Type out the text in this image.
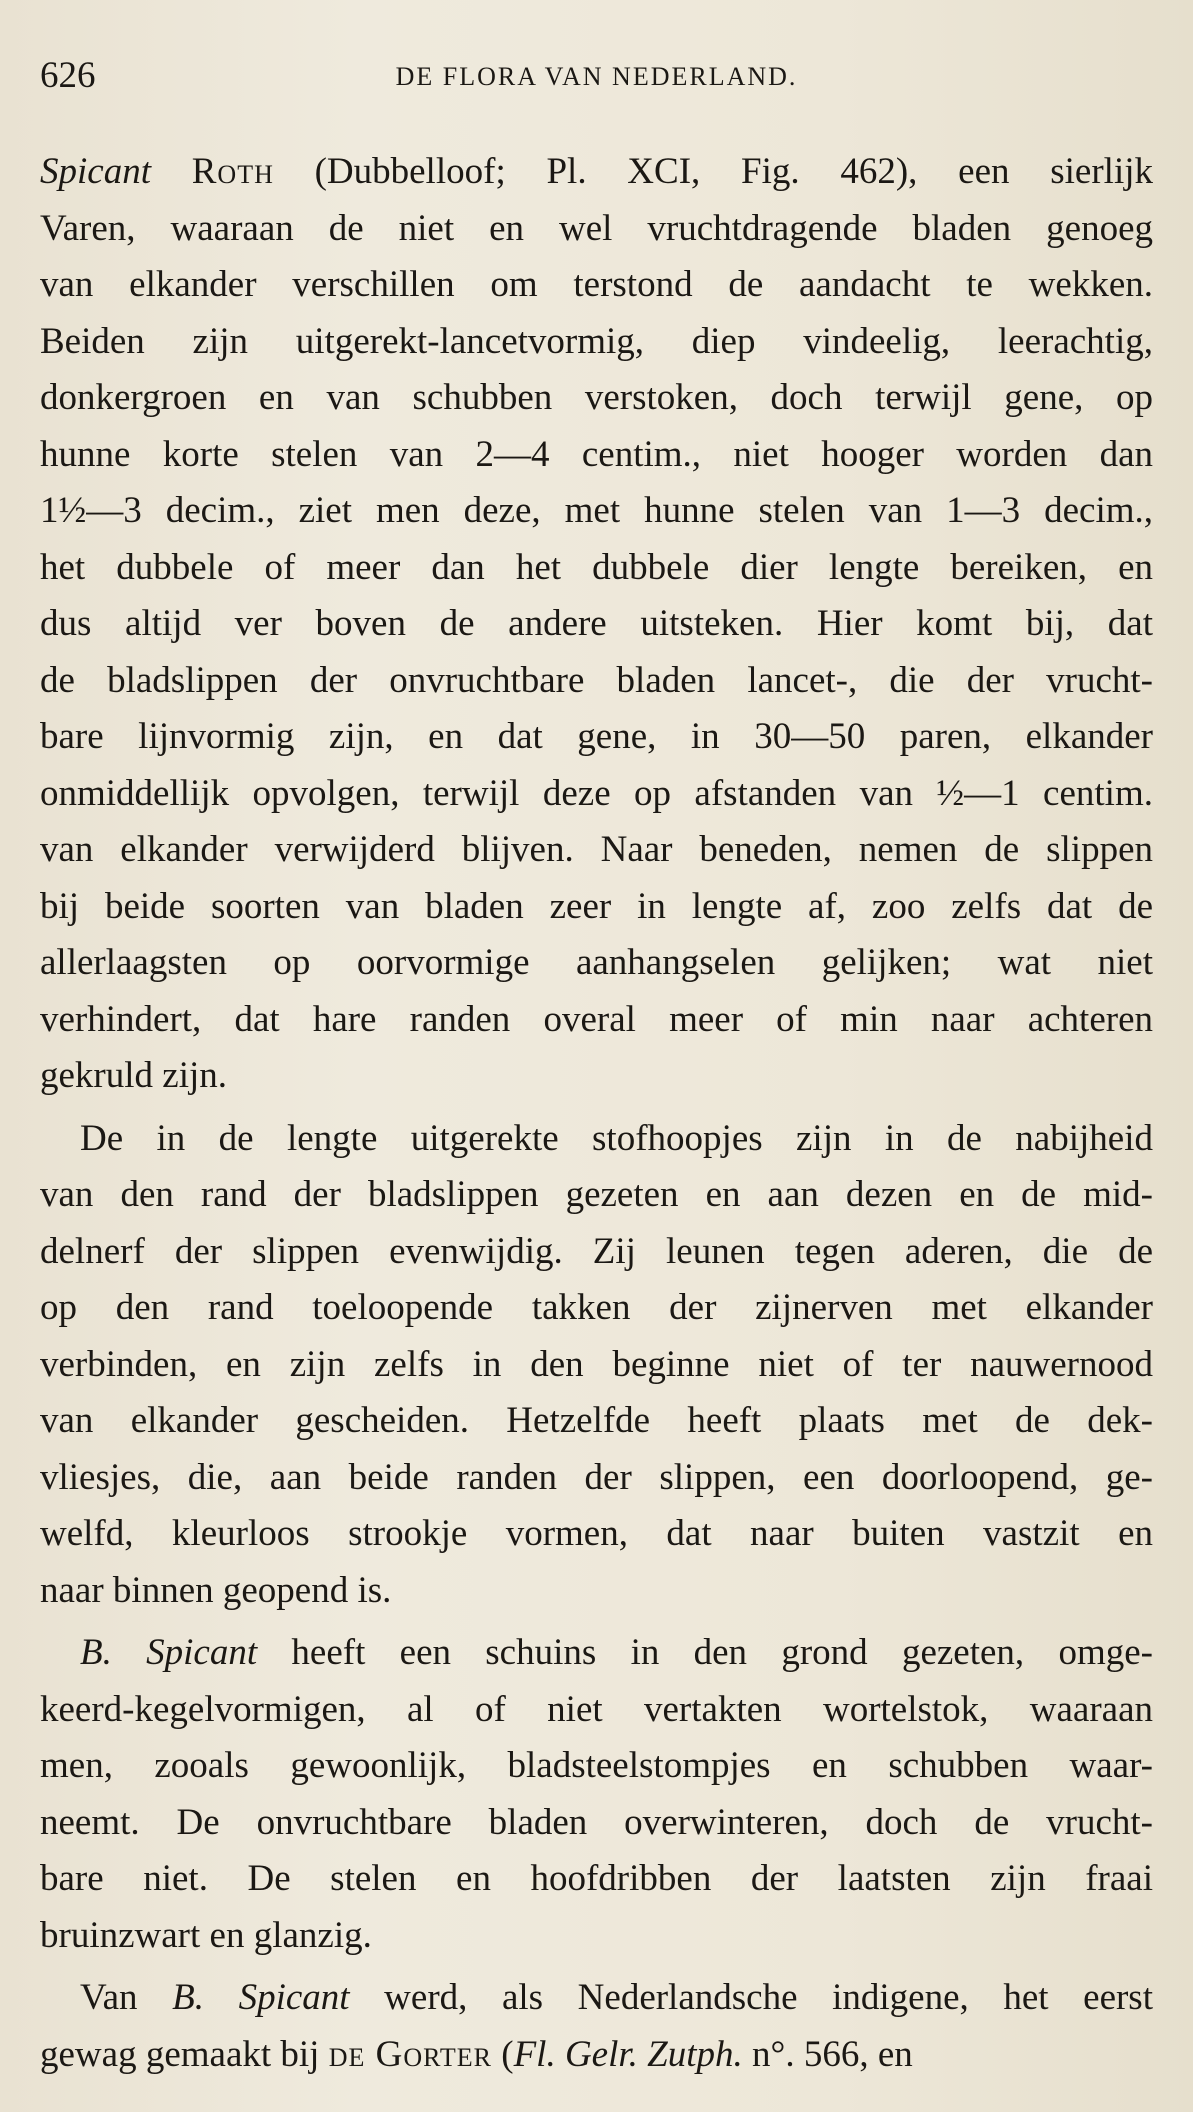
626	DE FLORA VAN NEDERLAND.
Spicant Roth (Dubbelloof; Pl. XCI, Fig. 462), een sierlijk
Varen, waaraan de niet en wel vruchtdragende bladen genoeg
van elkander verschillen om terstond de aandacht te wekken.
Beiden zijn uitgerekt-lancetvormig, diep vindeelig, leerachtig,
donkergroen en van schubben verstoken, doch terwijl gene, op
hunne korte stelen van 2—4 centim., niet hooger worden dan
1½—3 decim., ziet men deze, met hunne stelen van 1—3 decim.,
het dubbele of meer dan het dubbele dier lengte bereiken, en
dus altijd ver boven de andere uitsteken. Hier komt bij, dat
de bladslippen der onvruchtbare bladen lancet-, die der vrucht-
bare lijnvormig zijn, en dat gene, in 30—50 paren, elkander
onmiddellijk opvolgen, terwijl deze op afstanden van ½—1 centim.
van elkander verwijderd blijven. Naar beneden, nemen de slippen
bij beide soorten van bladen zeer in lengte af, zoo zelfs dat de
allerlaagsten op oorvormige aanhangselen gelijken; wat niet
verhindert, dat hare randen overal meer of min naar achteren
gekruld zijn.
De in de lengte uitgerekte stofhoopjes zijn in de nabijheid
van den rand der bladslippen gezeten en aan dezen en de mid-
delnerf der slippen evenwijdig. Zij leunen tegen aderen, die de
op den rand toeloopende takken der zijnerven met elkander
verbinden, en zijn zelfs in den beginne niet of ter nauwernood
van elkander gescheiden. Hetzelfde heeft plaats met de dek-
vliesjes, die, aan beide randen der slippen, een doorloopend, ge-
welfd, kleurloos strookje vormen, dat naar buiten vastzit en
naar binnen geopend is.
B. Spicant heeft een schuins in den grond gezeten, omge-
keerd-kegelvormigen, al of niet vertakten wortelstok, waaraan
men, zooals gewoonlijk, bladsteelstompjes en schubben waar-
neemt. De onvruchtbare bladen overwinteren, doch de vrucht-
bare niet. De stelen en hoofdribben der laatsten zijn fraai
bruinzwart en glanzig.
Van B. Spicant werd, als Nederlandsche indigene, het eerst
gewag gemaakt bij de Gorter (Fl. Gelr. Zutph. n°. 566, en
